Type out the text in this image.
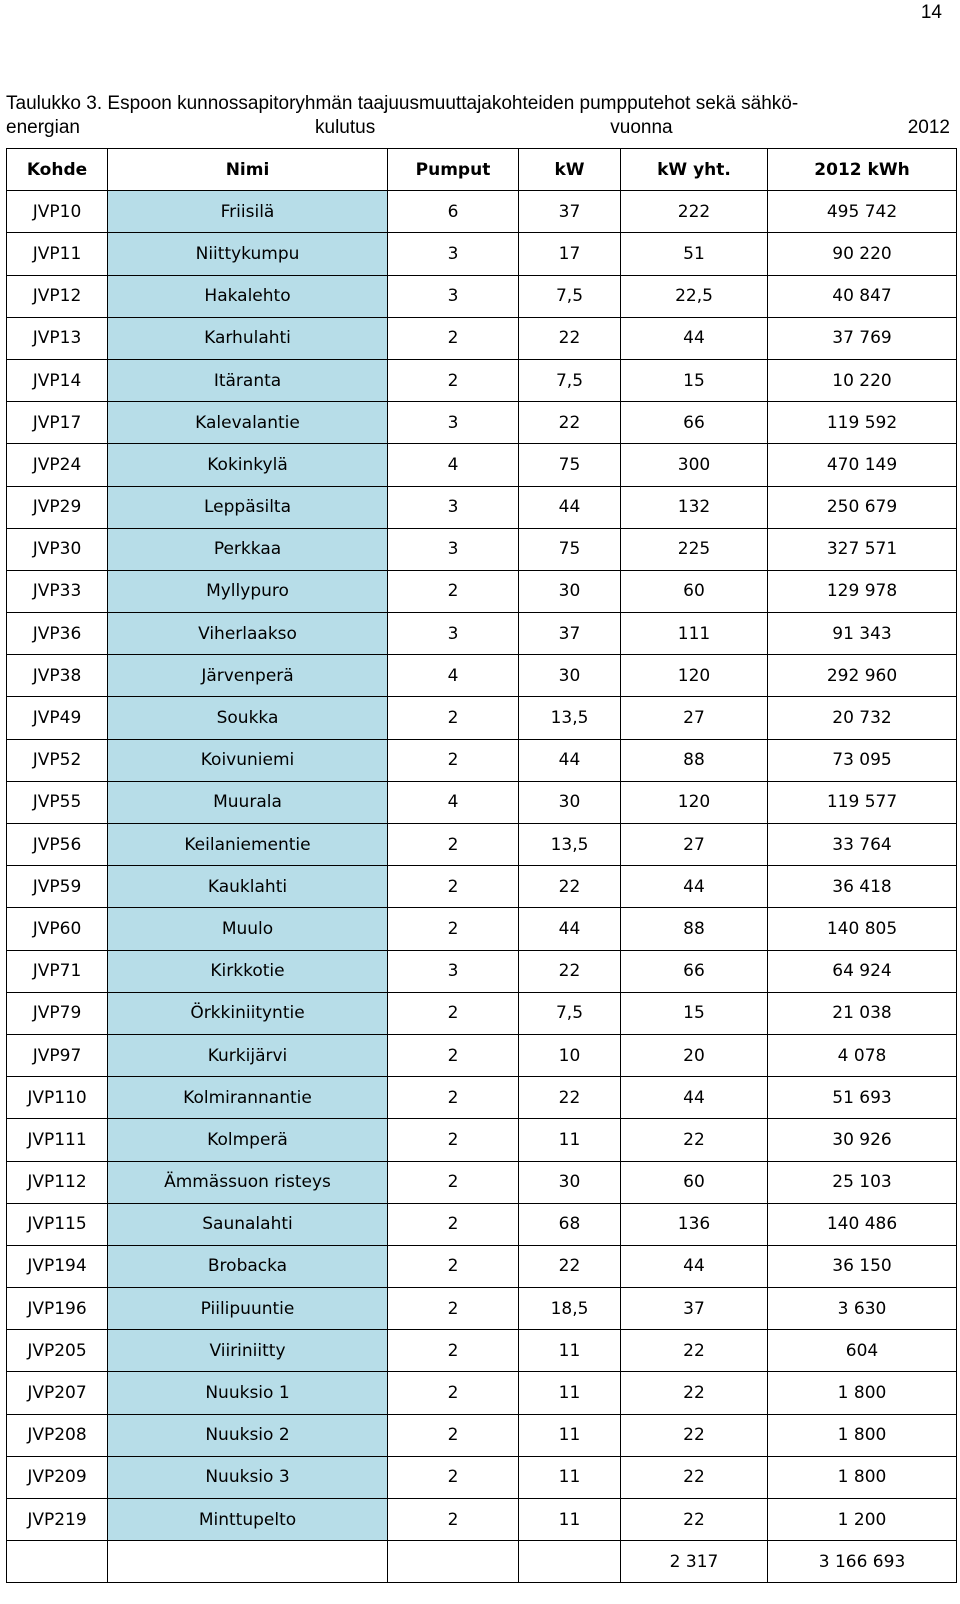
14
Taulukko 3. Espoon kunnossapitoryhmän taajuusmuuttajakohteiden pumpputehot sekä sähkö-
energian	kulutus	vuonna	2012
Kohde	Nimi	Pumput	kW	kW yht.	2012 kWh
JVP10	Friisilä	6	37	222	495 742
JVP11	Niittykumpu	3	17	51	90 220
JVP12	Hakalehto	3	7,5	22,5	40 847
JVP13	Karhulahti	2	22	44	37 769
JVP14	Itäranta	2	7,5	15	10 220
JVP17	Kalevalantie	3	22	66	119 592
JVP24	Kokinkylä	4	75	300	470 149
JVP29	Leppäsilta	3	44	132	250 679
JVP30	Perkkaa	3	75	225	327 571
JVP33	Myllypuro	2	30	60	129 978
JVP36	Viherlaakso	3	37	111	91 343
JVP38	Järvenperä	4	30	120	292 960
JVP49	Soukka	2	13,5	27	20 732
JVP52	Koivuniemi	2	44	88	73 095
JVP55	Muurala	4	30	120	119 577
JVP56	Keilaniementie	2	13,5	27	33 764
JVP59	Kauklahti	2	22	44	36 418
JVP60	Muulo	2	44	88	140 805
JVP71	Kirkkotie	3	22	66	64 924
JVP79	Örkkiniityntie	2	7,5	15	21 038
JVP97	Kurkijärvi	2	10	20	4 078
JVP110	Kolmirannantie	2	22	44	51 693
JVP111	Kolmperä	2	11	22	30 926
JVP112	Ämmässuon risteys	2	30	60	25 103
JVP115	Saunalahti	2	68	136	140 486
JVP194	Brobacka	2	22	44	36 150
JVP196	Piilipuuntie	2	18,5	37	3 630
JVP205	Viiriniitty	2	11	22	604
JVP207	Nuuksio 1	2	11	22	1 800
JVP208	Nuuksio 2	2	11	22	1 800
JVP209	Nuuksio 3	2	11	22	1 800
JVP219	Minttupelto	2	11	22	1 200
				2 317	3 166 693
